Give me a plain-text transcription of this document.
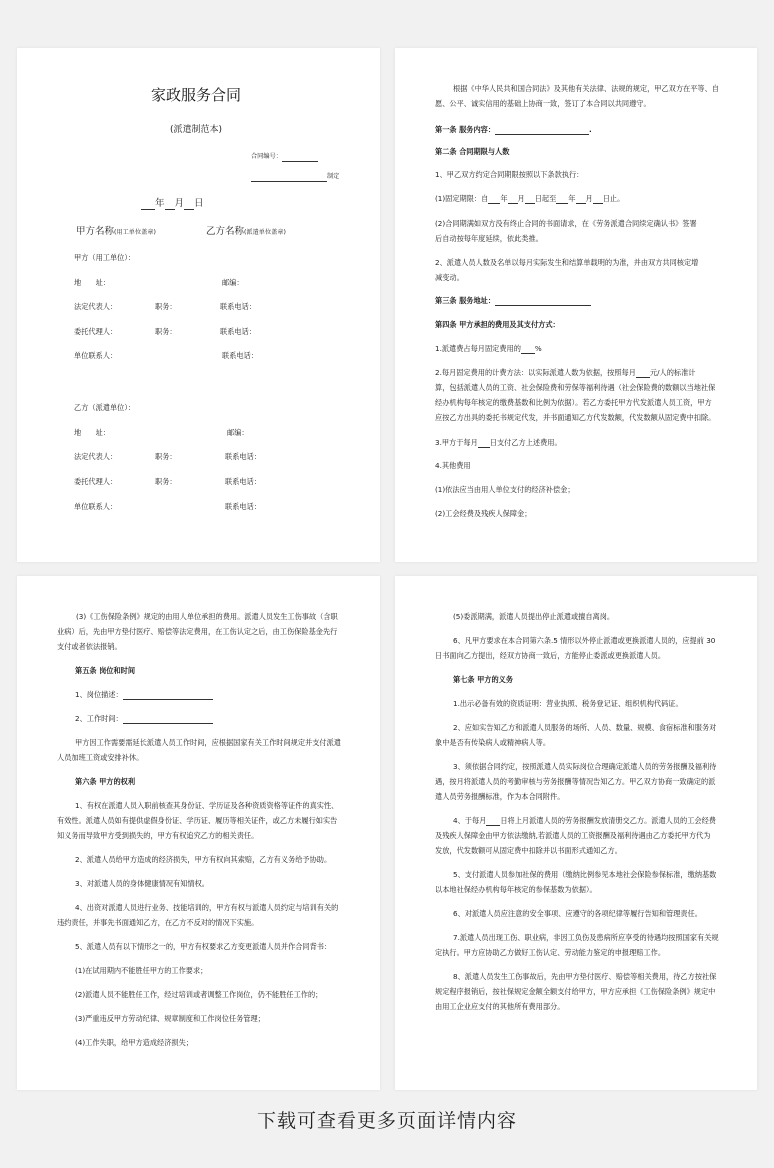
家政服务合同
(派遣制范本)
合同编号：
制定
年 月 日
甲方名称(用工单位盖章)	乙方名称(派遣单位盖章)
甲方（用工单位）：
地　　址：	邮编：
法定代表人：	职务：	联系电话：
委托代理人：	职务：	联系电话：
单位联系人：	联系电话：
乙方（派遣单位）：
地　　址：	邮编：
法定代表人：	职务：	联系电话：
委托代理人：	职务：	联系电话：
单位联系人：	联系电话：
根据《中华人民共和国合同法》及其他有关法律、法规的规定，甲乙双方在平等、自
愿、公平、诚实信用的基础上协商一致，签订了本合同以共同遵守。
第一条 服务内容：	.
第二条 合同期限与人数
1、甲乙双方约定合同期限按照以下条款执行：
(1)固定期限：自 年 月 日起至 年 月 日止。
(2)合同期满如双方没有终止合同的书面请求，在《劳务派遣合同续定确认书》签署
后自动按每年度延续，依此类推。
2、派遣人员人数及名单以每月实际发生和结算单载明的为准，并由双方共同核定增
减变动。
第三条 服务地址：
第四条 甲方承担的费用及其支付方式：
1.派遣费占每月固定费用的 %
2.每月固定费用的计费方法：以实际派遣人数为依据，按照每月 元/人的标准计
算，包括派遣人员的工资、社会保险费和劳保等福利待遇（社会保险费的数额以当地社保
经办机构每年核定的缴费基数和比例为依据）。若乙方委托甲方代发派遣人员工资，甲方
应按乙方出具的委托书规定代发，并书面通知乙方代发数额，代发数额从固定费中扣除。
3.甲方于每月 日支付乙方上述费用。
4.其他费用
(1)依法应当由用人单位支付的经济补偿金；
(2)工会经费及残疾人保障金；
(3)《工伤保险条例》规定的由用人单位承担的费用。派遣人员发生工伤事故（含职
业病）后，先由甲方垫付医疗、赔偿等法定费用，在工伤认定之后，由工伤保险基金先行
支付或者依法报销。
第五条 岗位和时间
1、岗位描述：
2、工作时间：
甲方因工作需要需延长派遣人员工作时间，应根据国家有关工作时间规定并支付派遣
人员加班工资或安排补休。
第六条 甲方的权利
1、有权在派遣人员入职前核查其身份证、学历证及各种资质资格等证件的真实性、
有效性。派遣人员如有提供虚假身份证、学历证、履历等相关证件，或乙方未履行如实告
知义务而导致甲方受到损失的，甲方有权追究乙方的相关责任。
2、派遣人员给甲方造成的经济损失，甲方有权向其索赔，乙方有义务给予协助。
3、对派遣人员的身体健康情况有知情权。
4、出资对派遣人员进行业务、技能培训的，甲方有权与派遣人员约定与培训有关的
违约责任，并事先书面通知乙方，在乙方不反对的情况下实施。
5、派遣人员有以下情形之一的，甲方有权要求乙方变更派遣人员并作合同背书：
(1)在试用期内不能胜任甲方的工作要求；
(2)派遣人员不能胜任工作，经过培训或者调整工作岗位，仍不能胜任工作的；
(3)严重违反甲方劳动纪律、规章制度和工作岗位任务管理；
(4)工作失职，给甲方造成经济损失；
(5)委派期满，派遣人员提出停止派遣或擅自离岗。
6、凡甲方要求在本合同第六条.5 情形以外停止派遣或更换派遣人员的，应提前 30
日书面向乙方提出，经双方协商一致后，方能停止委派或更换派遣人员。
第七条 甲方的义务
1.出示必备有效的资质证明：营业执照、税务登记证、组织机构代码证。
2、应如实告知乙方和派遣人员服务的场所、人员、数量、规模、食宿标准和服务对
象中是否有传染病人或精神病人等。
3、须依据合同约定，按照派遣人员实际岗位合理确定派遣人员的劳务报酬及福利待
遇，按月将派遣人员的考勤审核与劳务报酬等情况告知乙方。甲乙双方协商一致确定的派
遣人员劳务报酬标准，作为本合同附件。
4、于每月 日将上月派遣人员的劳务报酬发放清册交乙方。派遣人员的工会经费
及残疾人保障金由甲方依法缴纳,若派遣人员的工资报酬及福利待遇由乙方委托甲方代为
发放，代发数额可从固定费中扣除并以书面形式通知乙方。
5、支付派遣人员参加社保的费用（缴纳比例参见本地社会保险参保标准，缴纳基数
以本地社保经办机构每年核定的参保基数为依据）。
6、对派遣人员应注意的安全事项、应遵守的各项纪律等履行告知和管理责任。
7.派遣人员出现工伤、职业病，非因工负伤及患病所应享受的待遇均按照国家有关规
定执行。甲方应协助乙方做好工伤认定、劳动能力鉴定的申报理赔工作。
8、派遣人员发生工伤事故后，先由甲方垫付医疗、赔偿等相关费用，待乙方按社保
规定程序报销后，按社保规定金额全额支付给甲方，甲方应承担《工伤保险条例》规定中
由用工企业应支付的其他所有费用部分。
下载可查看更多页面详情内容
